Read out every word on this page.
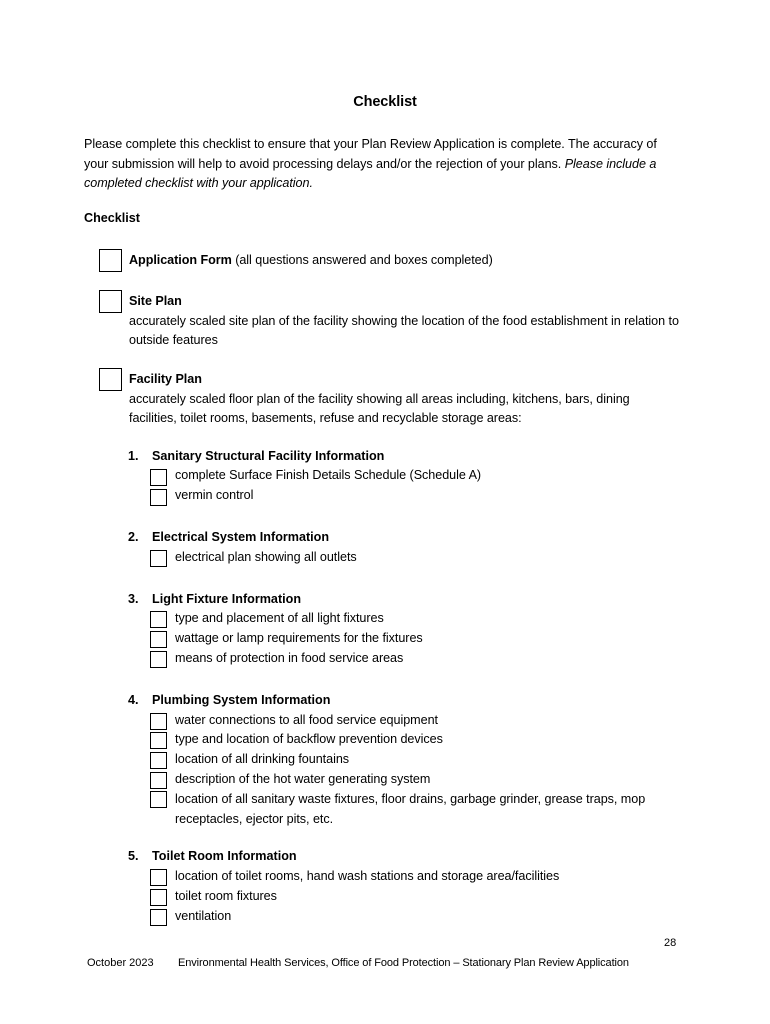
Checklist
Please complete this checklist to ensure that your Plan Review Application is complete. The accuracy of your submission will help to avoid processing delays and/or the rejection of your plans. Please include a completed checklist with your application.
Checklist
Application Form (all questions answered and boxes completed)
Site Plan
accurately scaled site plan of the facility showing the location of the food establishment in relation to outside features
Facility Plan
accurately scaled floor plan of the facility showing all areas including, kitchens, bars, dining facilities, toilet rooms, basements, refuse and recyclable storage areas:
1. Sanitary Structural Facility Information
complete Surface Finish Details Schedule (Schedule A)
vermin control
2. Electrical System Information
electrical plan showing all outlets
3. Light Fixture Information
type and placement of all light fixtures
wattage or lamp requirements for the fixtures
means of protection in food service areas
4. Plumbing System Information
water connections to all food service equipment
type and location of backflow prevention devices
location of all drinking fountains
description of the hot water generating system
location of all sanitary waste fixtures, floor drains, garbage grinder, grease traps, mop receptacles, ejector pits, etc.
5. Toilet Room Information
location of toilet rooms, hand wash stations and storage area/facilities
toilet room fixtures
ventilation
28
October 2023 Environmental Health Services, Office of Food Protection – Stationary Plan Review Application
